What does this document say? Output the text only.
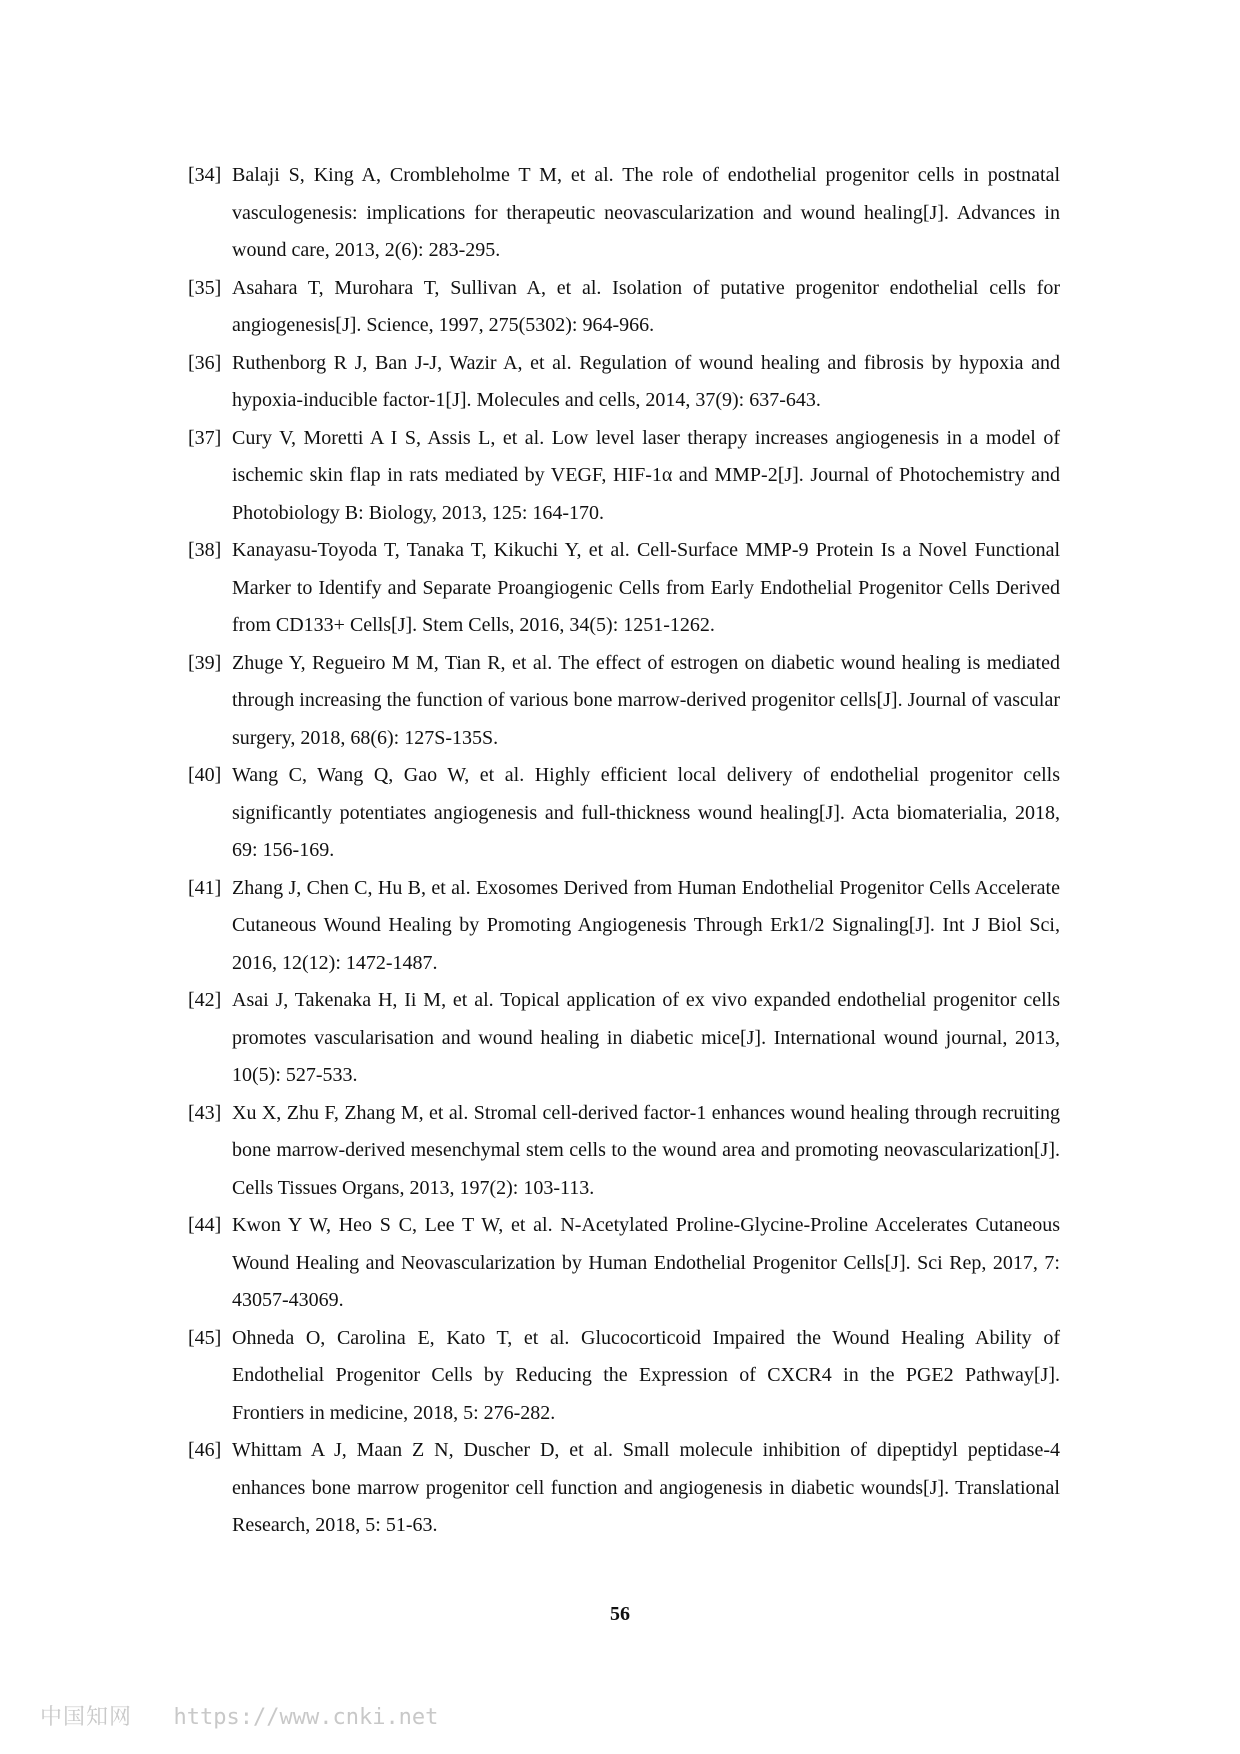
[34] Balaji S, King A, Crombleholme T M, et al. The role of endothelial progenitor cells in postnatal vasculogenesis: implications for therapeutic neovascularization and wound healing[J]. Advances in wound care, 2013, 2(6): 283-295.
[35] Asahara T, Murohara T, Sullivan A, et al. Isolation of putative progenitor endothelial cells for angiogenesis[J]. Science, 1997, 275(5302): 964-966.
[36] Ruthenborg R J, Ban J-J, Wazir A, et al. Regulation of wound healing and fibrosis by hypoxia and hypoxia-inducible factor-1[J]. Molecules and cells, 2014, 37(9): 637-643.
[37] Cury V, Moretti A I S, Assis L, et al. Low level laser therapy increases angiogenesis in a model of ischemic skin flap in rats mediated by VEGF, HIF-1α and MMP-2[J]. Journal of Photochemistry and Photobiology B: Biology, 2013, 125: 164-170.
[38] Kanayasu‐Toyoda T, Tanaka T, Kikuchi Y, et al. Cell‐Surface MMP‐9 Protein Is a Novel Functional Marker to Identify and Separate Proangiogenic Cells from Early Endothelial Progenitor Cells Derived from CD133+ Cells[J]. Stem Cells, 2016, 34(5): 1251-1262.
[39] Zhuge Y, Regueiro M M, Tian R, et al. The effect of estrogen on diabetic wound healing is mediated through increasing the function of various bone marrow-derived progenitor cells[J]. Journal of vascular surgery, 2018, 68(6): 127S-135S.
[40] Wang C, Wang Q, Gao W, et al. Highly efficient local delivery of endothelial progenitor cells significantly potentiates angiogenesis and full-thickness wound healing[J]. Acta biomaterialia, 2018, 69: 156-169.
[41] Zhang J, Chen C, Hu B, et al. Exosomes Derived from Human Endothelial Progenitor Cells Accelerate Cutaneous Wound Healing by Promoting Angiogenesis Through Erk1/2 Signaling[J]. Int J Biol Sci, 2016, 12(12): 1472-1487.
[42] Asai J, Takenaka H, Ii M, et al. Topical application of ex vivo expanded endothelial progenitor cells promotes vascularisation and wound healing in diabetic mice[J]. International wound journal, 2013, 10(5): 527-533.
[43] Xu X, Zhu F, Zhang M, et al. Stromal cell-derived factor-1 enhances wound healing through recruiting bone marrow-derived mesenchymal stem cells to the wound area and promoting neovascularization[J]. Cells Tissues Organs, 2013, 197(2): 103-113.
[44] Kwon Y W, Heo S C, Lee T W, et al. N-Acetylated Proline-Glycine-Proline Accelerates Cutaneous Wound Healing and Neovascularization by Human Endothelial Progenitor Cells[J]. Sci Rep, 2017, 7: 43057-43069.
[45] Ohneda O, Carolina E, Kato T, et al. Glucocorticoid Impaired the Wound Healing Ability of Endothelial Progenitor Cells by Reducing the Expression of CXCR4 in the PGE2 Pathway[J]. Frontiers in medicine, 2018, 5: 276-282.
[46] Whittam A J, Maan Z N, Duscher D, et al. Small molecule inhibition of dipeptidyl peptidase-4 enhances bone marrow progenitor cell function and angiogenesis in diabetic wounds[J]. Translational Research, 2018, 5: 51-63.
56
中国知网 https://www.cnki.net
